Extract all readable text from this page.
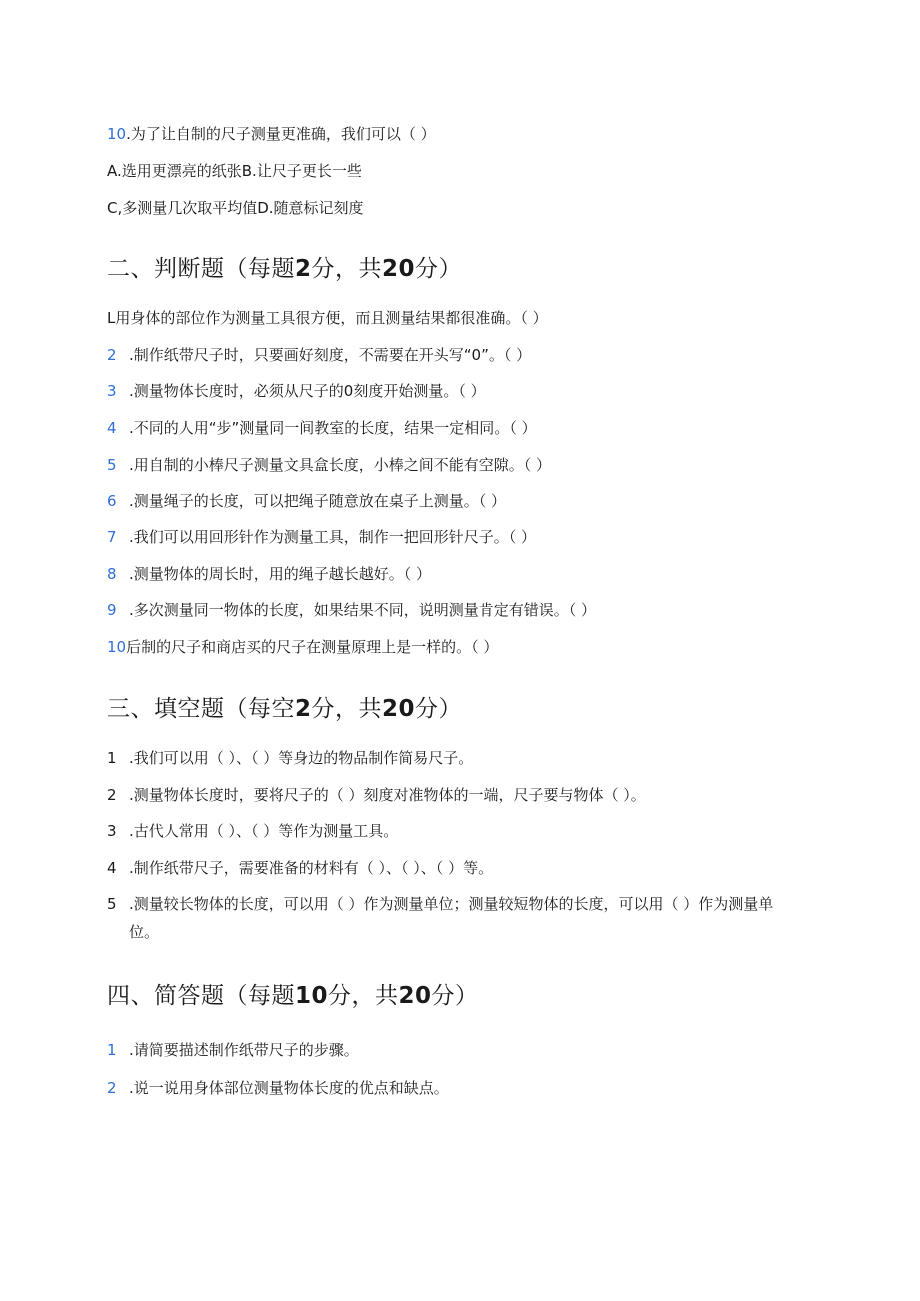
10.为了让自制的尺子测量更准确，我们可以（ ）
A.选用更漂亮的纸张B.让尺子更长一些
C,多测量几次取平均值D.随意标记刻度
二、判断题（每题2分，共20分）
L用身体的部位作为测量工具很方便，而且测量结果都很准确。（ ）
2 .制作纸带尺子时，只要画好刻度，不需要在开头写“0”。（ ）
3 .测量物体长度时，必须从尺子的0刻度开始测量。（ ）
4 .不同的人用“步”测量同一间教室的长度，结果一定相同。（ ）
5 .用自制的小棒尺子测量文具盒长度，小棒之间不能有空隙。（ ）
6 .测量绳子的长度，可以把绳子随意放在桌子上测量。（ ）
7 .我们可以用回形针作为测量工具，制作一把回形针尺子。（ ）
8 .测量物体的周长时，用的绳子越长越好。（ ）
9 .多次测量同一物体的长度，如果结果不同，说明测量肯定有错误。（ ）
10后制的尺子和商店买的尺子在测量原理上是一样的。（ ）
三、填空题（每空2分，共20分）
1 .我们可以用（ ）、（ ）等身边的物品制作简易尺子。
2 .测量物体长度时，要将尺子的（ ）刻度对准物体的一端，尺子要与物体（ ）。
3 .古代人常用（ ）、（ ）等作为测量工具。
4 .制作纸带尺子，需要准备的材料有（ ）、（ ）、（ ）等。
5 .测量较长物体的长度，可以用（ ）作为测量单位；测量较短物体的长度，可以用（ ）作为测量单位。
四、简答题（每题10分，共20分）
1 .请简要描述制作纸带尺子的步骤。
2 .说一说用身体部位测量物体长度的优点和缺点。
